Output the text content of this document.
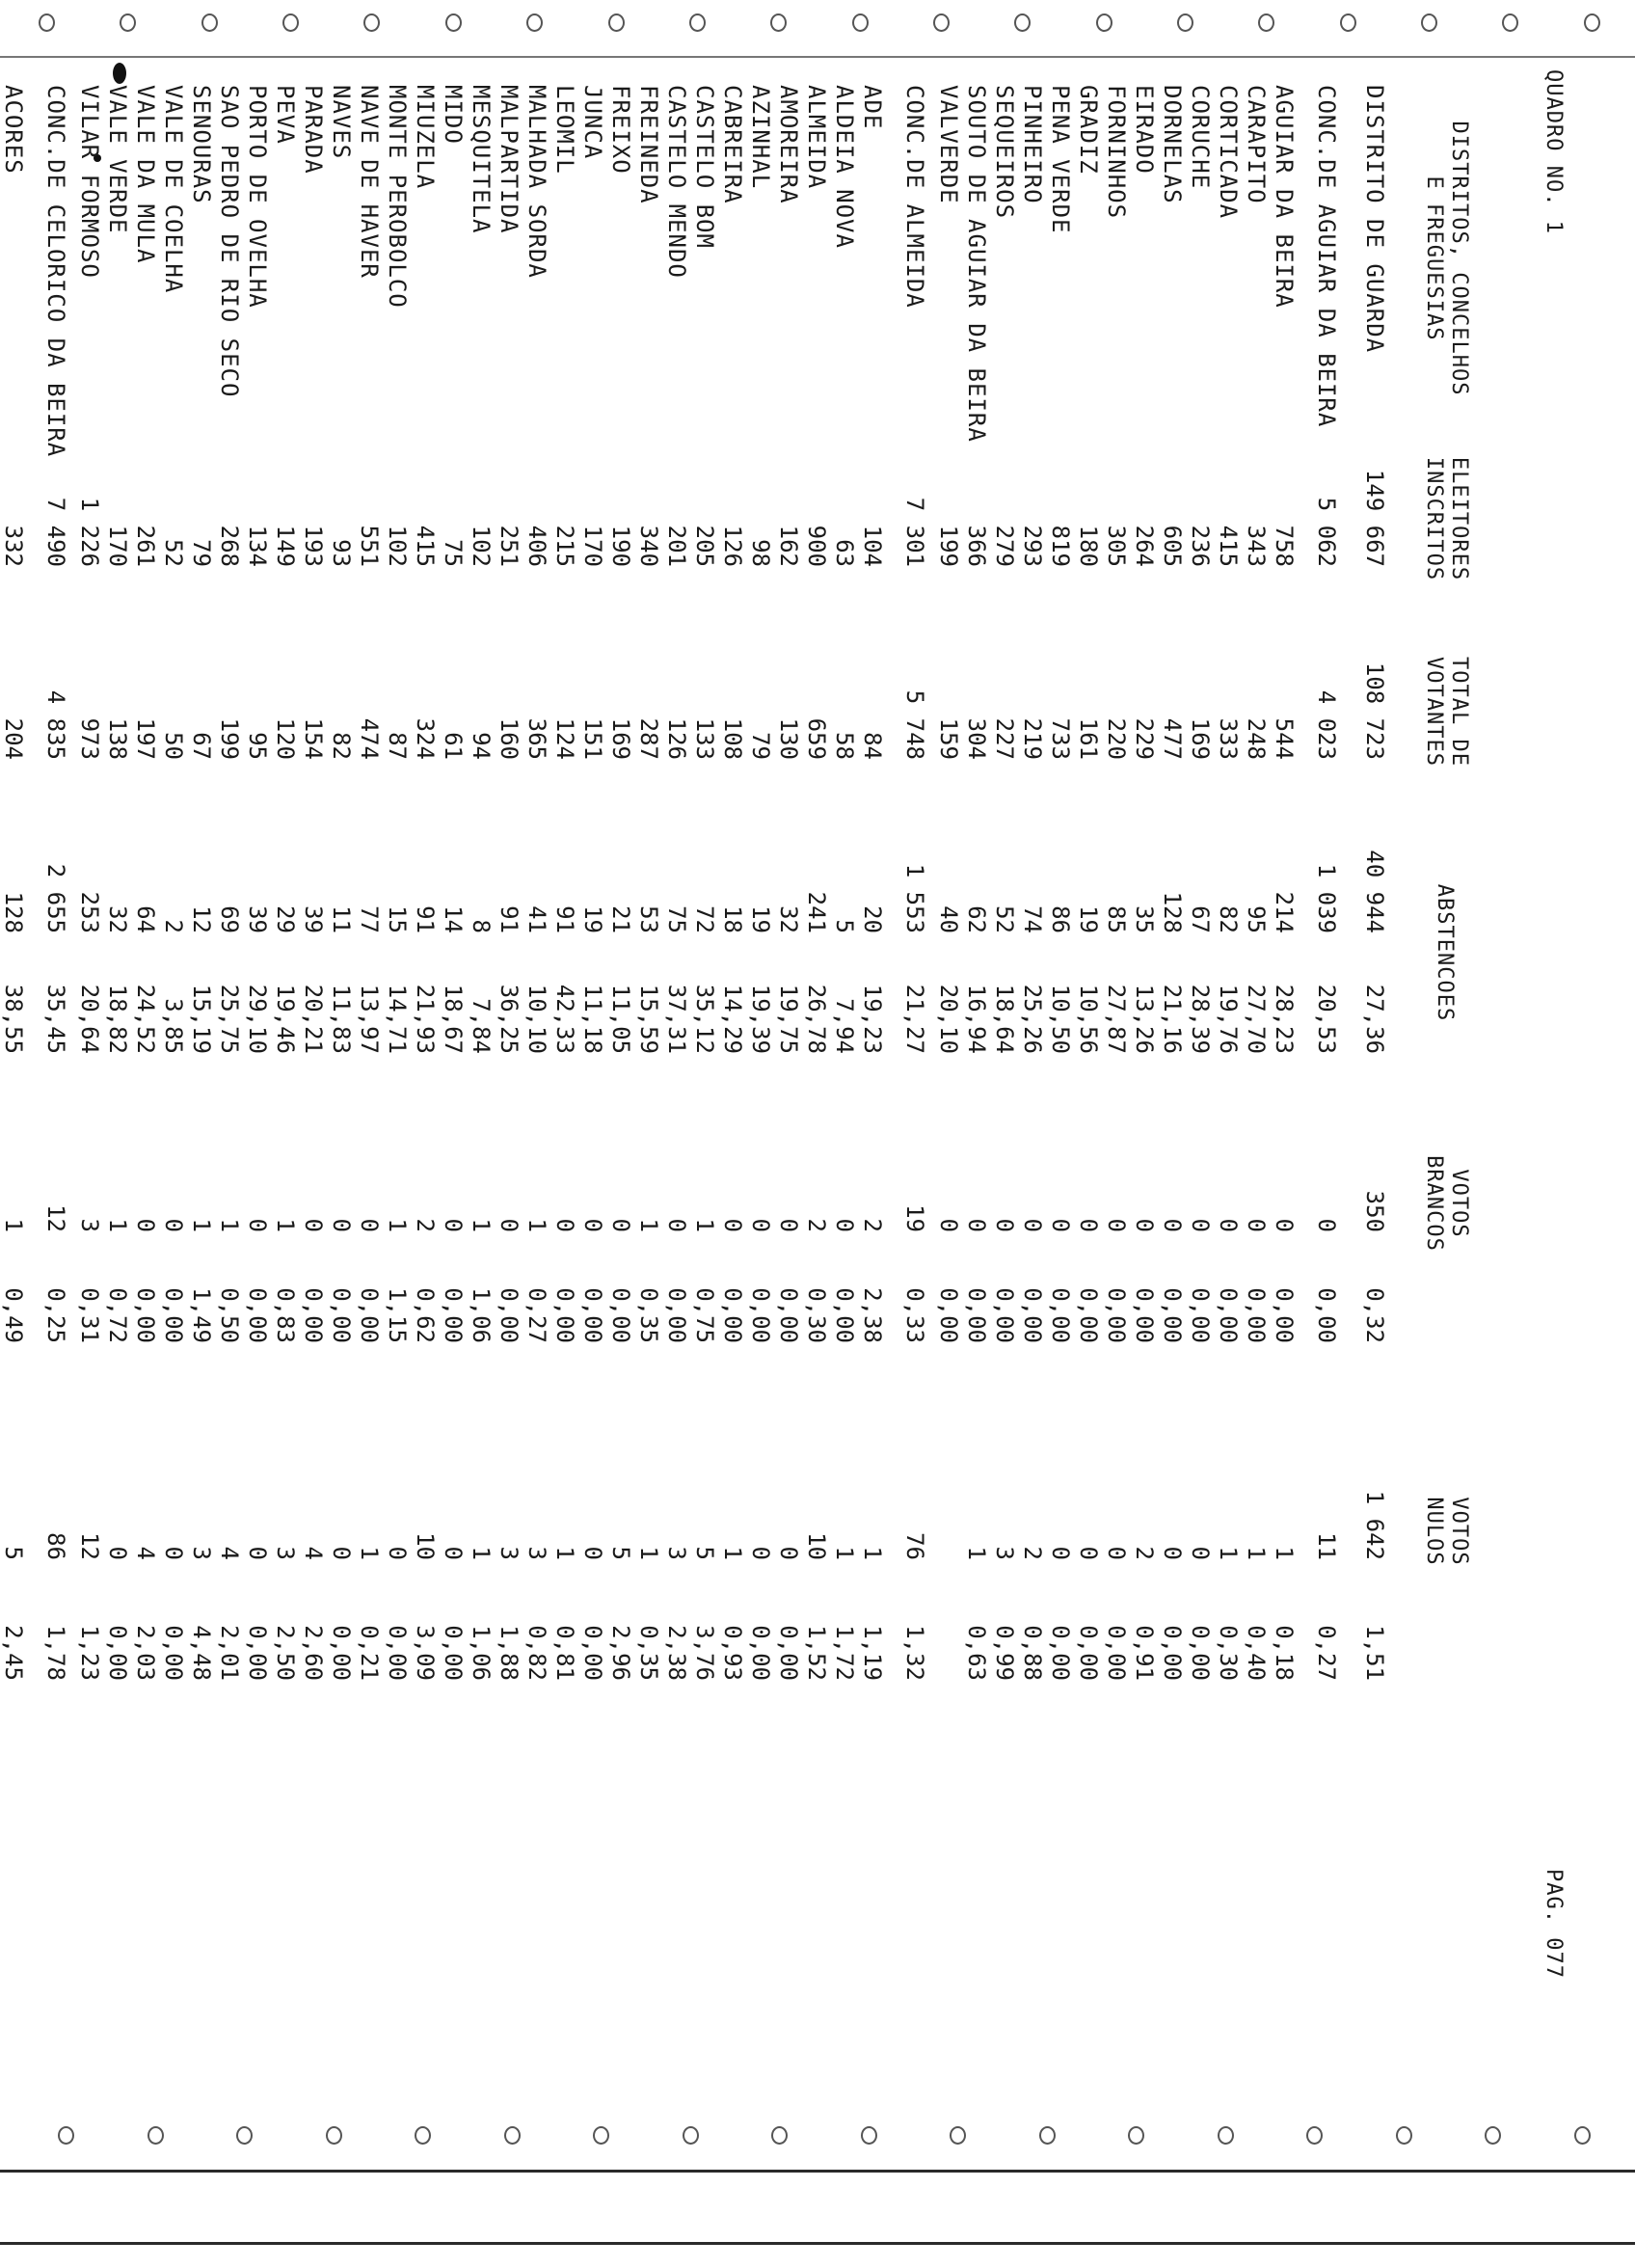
QUADRO NO. 1
PAG. 077
DISTRITOS, CONCELHOS
E FREGUESIAS
ELEITORES
INSCRITOS
TOTAL DE
VOTANTES
ABSTENCOES
VOTOS
BRANCOS
VOTOS
NULOS
DISTRITO DE GUARDA
149 667
108 723
40 944
27,36
350
0,32
1 642
1,51
CONC.DE AGUIAR DA BEIRA
5 062
4 023
1 039
20,53
0
0,00
11
0,27
AGUIAR DA BEIRA
758
544
214
28,23
0
0,00
1
0,18
CARAPITO
343
248
95
27,70
0
0,00
1
0,40
CORTICADA
415
333
82
19,76
0
0,00
1
0,30
CORUCHE
236
169
67
28,39
0
0,00
0
0,00
DORNELAS
605
477
128
21,16
0
0,00
0
0,00
EIRADO
264
229
35
13,26
0
0,00
2
0,91
FORNINHOS
305
220
85
27,87
0
0,00
0
0,00
GRADIZ
180
161
19
10,56
0
0,00
0
0,00
PENA VERDE
819
733
86
10,50
0
0,00
0
0,00
PINHEIRO
293
219
74
25,26
0
0,00
2
0,88
SEQUEIROS
279
227
52
18,64
0
0,00
3
0,99
SOUTO DE AGUIAR DA BEIRA
366
304
62
16,94
0
0,00
1
0,63
VALVERDE
199
159
40
20,10
0
0,00
CONC.DE ALMEIDA
7 301
5 748
1 553
21,27
19
0,33
76
1,32
ADE
104
84
20
19,23
2
2,38
1
1,19
ALDEIA NOVA
63
58
5
7,94
0
0,00
1
1,72
ALMEIDA
900
659
241
26,78
2
0,30
10
1,52
AMOREIRA
162
130
32
19,75
0
0,00
0
0,00
AZINHAL
98
79
19
19,39
0
0,00
0
0,00
CABREIRA
126
108
18
14,29
0
0,00
1
0,93
CASTELO BOM
205
133
72
35,12
1
0,75
5
3,76
CASTELO MENDO
201
126
75
37,31
0
0,00
3
2,38
FREINEDA
340
287
53
15,59
1
0,35
1
0,35
FREIXO
190
169
21
11,05
0
0,00
5
2,96
JUNCA
170
151
19
11,18
0
0,00
0
0,00
LEOMIL
215
124
91
42,33
0
0,00
1
0,81
MALHADA SORDA
406
365
41
10,10
1
0,27
3
0,82
MALPARTIDA
251
160
91
36,25
0
0,00
3
1,88
MESQUITELA
102
94
8
7,84
1
1,06
1
1,06
MIDO
75
61
14
18,67
0
0,00
0
0,00
MIUZELA
415
324
91
21,93
2
0,62
10
3,09
MONTE PEROBOLCO
102
87
15
14,71
1
1,15
0
0,00
NAVE DE HAVER
551
474
77
13,97
0
0,00
1
0,21
NAVES
93
82
11
11,83
0
0,00
0
0,00
PARADA
193
154
39
20,21
0
0,00
4
2,60
PEVA
149
120
29
19,46
1
0,83
3
2,50
PORTO DE OVELHA
134
95
39
29,10
0
0,00
0
0,00
SAO PEDRO DE RIO SECO
268
199
69
25,75
1
0,50
4
2,01
SENOURAS
79
67
12
15,19
1
1,49
3
4,48
VALE DE COELHA
52
50
2
3,85
0
0,00
0
0,00
VALE DA MULA
261
197
64
24,52
0
0,00
4
2,03
VALE VERDE
170
138
32
18,82
1
0,72
0
0,00
VILAR FORMOSO
1 226
973
253
20,64
3
0,31
12
1,23
CONC.DE CELORICO DA BEIRA
7 490
4 835
2 655
35,45
12
0,25
86
1,78
ACORES
332
204
128
38,55
1
0,49
5
2,45
